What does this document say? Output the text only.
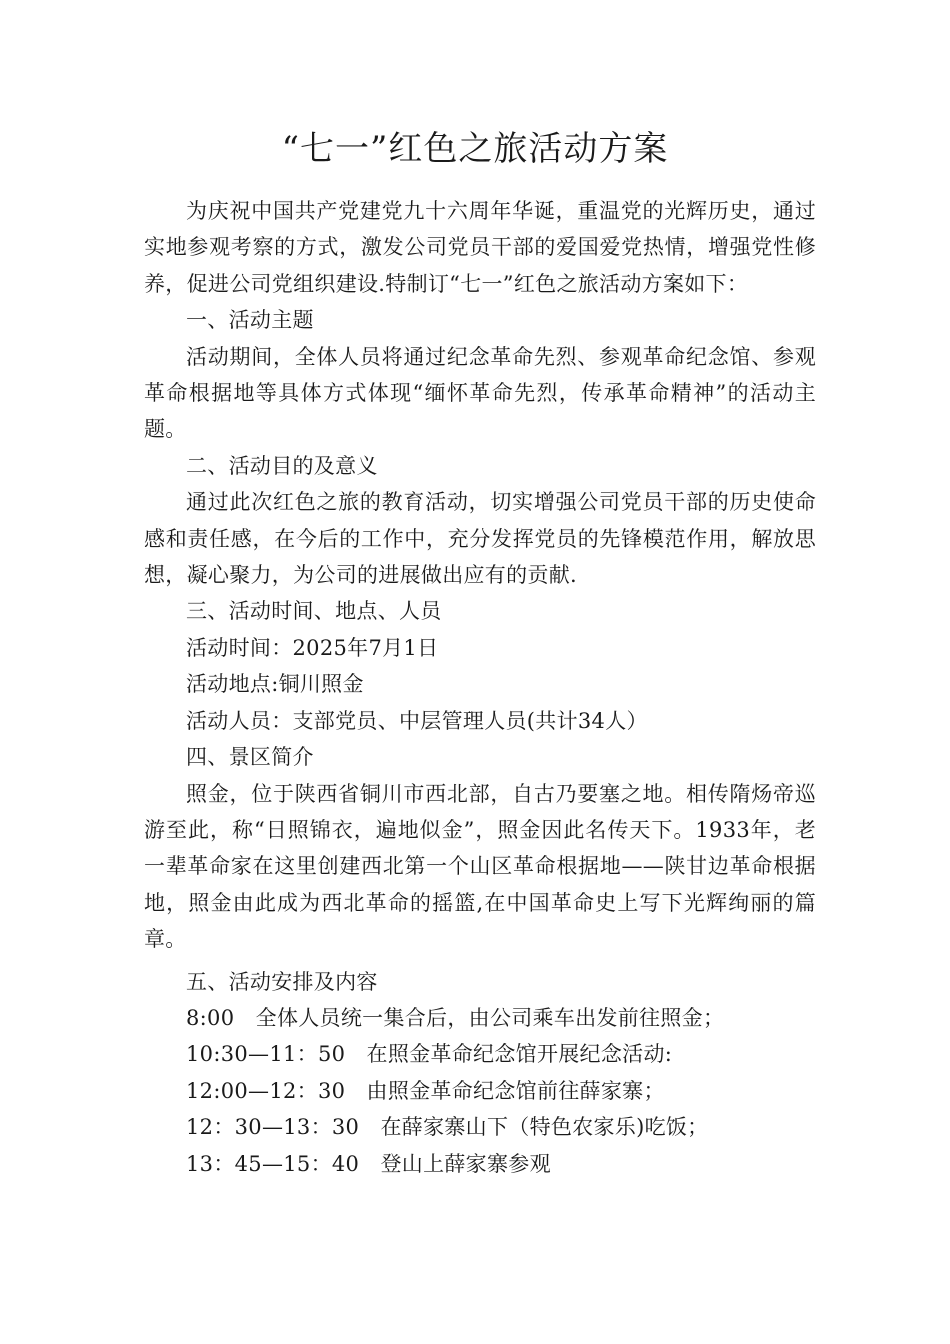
“七一”红色之旅活动方案

为庆祝中国共产党建党九十六周年华诞，重温党的光辉历史，通过实地参观考察的方式，激发公司党员干部的爱国爱党热情，增强党性修养，促进公司党组织建设.特制订“七一”红色之旅活动方案如下：

一、活动主题

活动期间，全体人员将通过纪念革命先烈、参观革命纪念馆、参观革命根据地等具体方式体现“缅怀革命先烈，传承革命精神”的活动主题。

二、活动目的及意义

通过此次红色之旅的教育活动，切实增强公司党员干部的历史使命感和责任感，在今后的工作中，充分发挥党员的先锋模范作用，解放思想，凝心聚力，为公司的进展做出应有的贡献.

三、活动时间、地点、人员

活动时间：2025年7月1日

活动地点:铜川照金

活动人员：支部党员、中层管理人员(共计34人）

四、景区简介

照金，位于陕西省铜川市西北部，自古乃要塞之地。相传隋炀帝巡游至此，称“日照锦衣，遍地似金”，照金因此名传天下。1933年，老一辈革命家在这里创建西北第一个山区革命根据地——陕甘边革命根据地，照金由此成为西北革命的摇篮,在中国革命史上写下光辉绚丽的篇章。

五、活动安排及内容

8:00　全体人员统一集合后，由公司乘车出发前往照金；

10:30—11：50　在照金革命纪念馆开展纪念活动:

12:00—12：30　由照金革命纪念馆前往薛家寨；

12：30—13：30　在薛家寨山下（特色农家乐)吃饭；

13：45—15：40　登山上薛家寨参观
